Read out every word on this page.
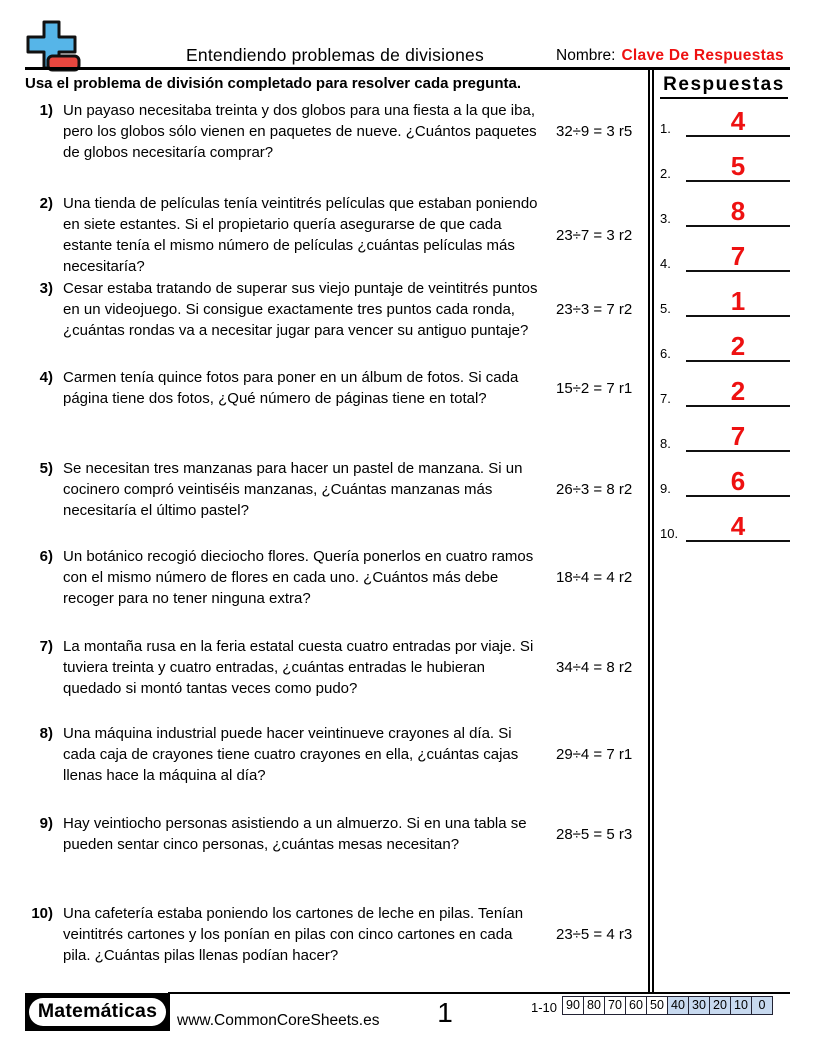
Entendiendo problemas de divisiones	Nombre: Clave De Respuestas
Usa el problema de división completado para resolver cada pregunta.
1) Un payaso necesitaba treinta y dos globos para una fiesta a la que iba, pero los globos sólo vienen en paquetes de nueve. ¿Cuántos paquetes de globos necesitaría comprar?
32÷9 = 3 r5
2) Una tienda de películas tenía veintitrés películas que estaban poniendo en siete estantes. Si el propietario quería asegurarse de que cada estante tenía el mismo número de películas ¿cuántas películas más necesitaría?
23÷7 = 3 r2
3) Cesar estaba tratando de superar sus viejo puntaje de veintitrés puntos en un videojuego. Si consigue exactamente tres puntos cada ronda, ¿cuántas rondas va a necesitar jugar para vencer su antiguo puntaje?
23÷3 = 7 r2
4) Carmen tenía quince fotos para poner en un álbum de fotos. Si cada página tiene dos fotos, ¿Qué número de páginas tiene en total?
15÷2 = 7 r1
5) Se necesitan tres manzanas para hacer un pastel de manzana. Si un cocinero compró veintiséis manzanas, ¿Cuántas manzanas más necesitaría el último pastel?
26÷3 = 8 r2
6) Un botánico recogió dieciocho flores. Quería ponerlos en cuatro ramos con el mismo número de flores en cada uno. ¿Cuántos más debe recoger para no tener ninguna extra?
18÷4 = 4 r2
7) La montaña rusa en la feria estatal cuesta cuatro entradas por viaje. Si tuviera treinta y cuatro entradas, ¿cuántas entradas le hubieran quedado si montó tantas veces como pudo?
34÷4 = 8 r2
8) Una máquina industrial puede hacer veintinueve crayones al día. Si cada caja de crayones tiene cuatro crayones en ella, ¿cuántas cajas llenas hace la máquina al día?
29÷4 = 7 r1
9) Hay veintiocho personas asistiendo a un almuerzo. Si en una tabla se pueden sentar cinco personas, ¿cuántas mesas necesitan?
28÷5 = 5 r3
10) Una cafetería estaba poniendo los cartones de leche en pilas. Tenían veintitrés cartones y los ponían en pilas con cinco cartones en cada pila. ¿Cuántas pilas llenas podían hacer?
23÷5 = 4 r3
Respuestas
1.	4
2.	5
3.	8
4.	7
5.	1
6.	2
7.	2
8.	7
9.	6
10.	4
Matemáticas	www.CommonCoreSheets.es	1	1-10 90 80 70 60 50 40 30 20 10 0
